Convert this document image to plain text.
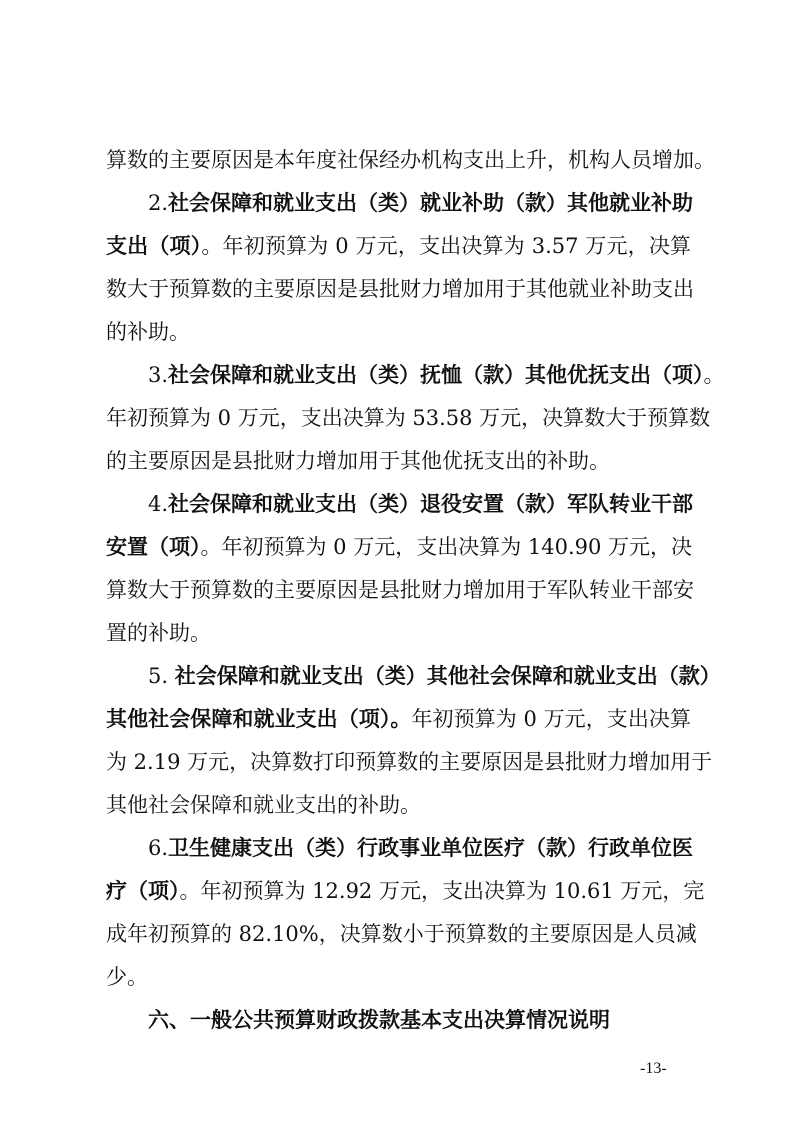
算数的主要原因是本年度社保经办机构支出上升，机构人员增加。
2.社会保障和就业支出（类）就业补助（款）其他就业补助
支出（项）。年初预算为 0 万元，支出决算为 3.57 万元，决算
数大于预算数的主要原因是县批财力增加用于其他就业补助支出
的补助。
3.社会保障和就业支出（类）抚恤（款）其他优抚支出（项）。
年初预算为 0 万元，支出决算为 53.58 万元，决算数大于预算数
的主要原因是县批财力增加用于其他优抚支出的补助。
4.社会保障和就业支出（类）退役安置（款）军队转业干部
安置（项）。年初预算为 0 万元，支出决算为 140.90 万元，决
算数大于预算数的主要原因是县批财力增加用于军队转业干部安
置的补助。
5. 社会保障和就业支出（类）其他社会保障和就业支出（款）
其他社会保障和就业支出（项）。年初预算为 0 万元，支出决算
为 2.19 万元，决算数打印预算数的主要原因是县批财力增加用于
其他社会保障和就业支出的补助。
6.卫生健康支出（类）行政事业单位医疗（款）行政单位医
疗（项）。年初预算为 12.92 万元，支出决算为 10.61 万元，完
成年初预算的 82.10%，决算数小于预算数的主要原因是人员减
少。
六、一般公共预算财政拨款基本支出决算情况说明
-13-
